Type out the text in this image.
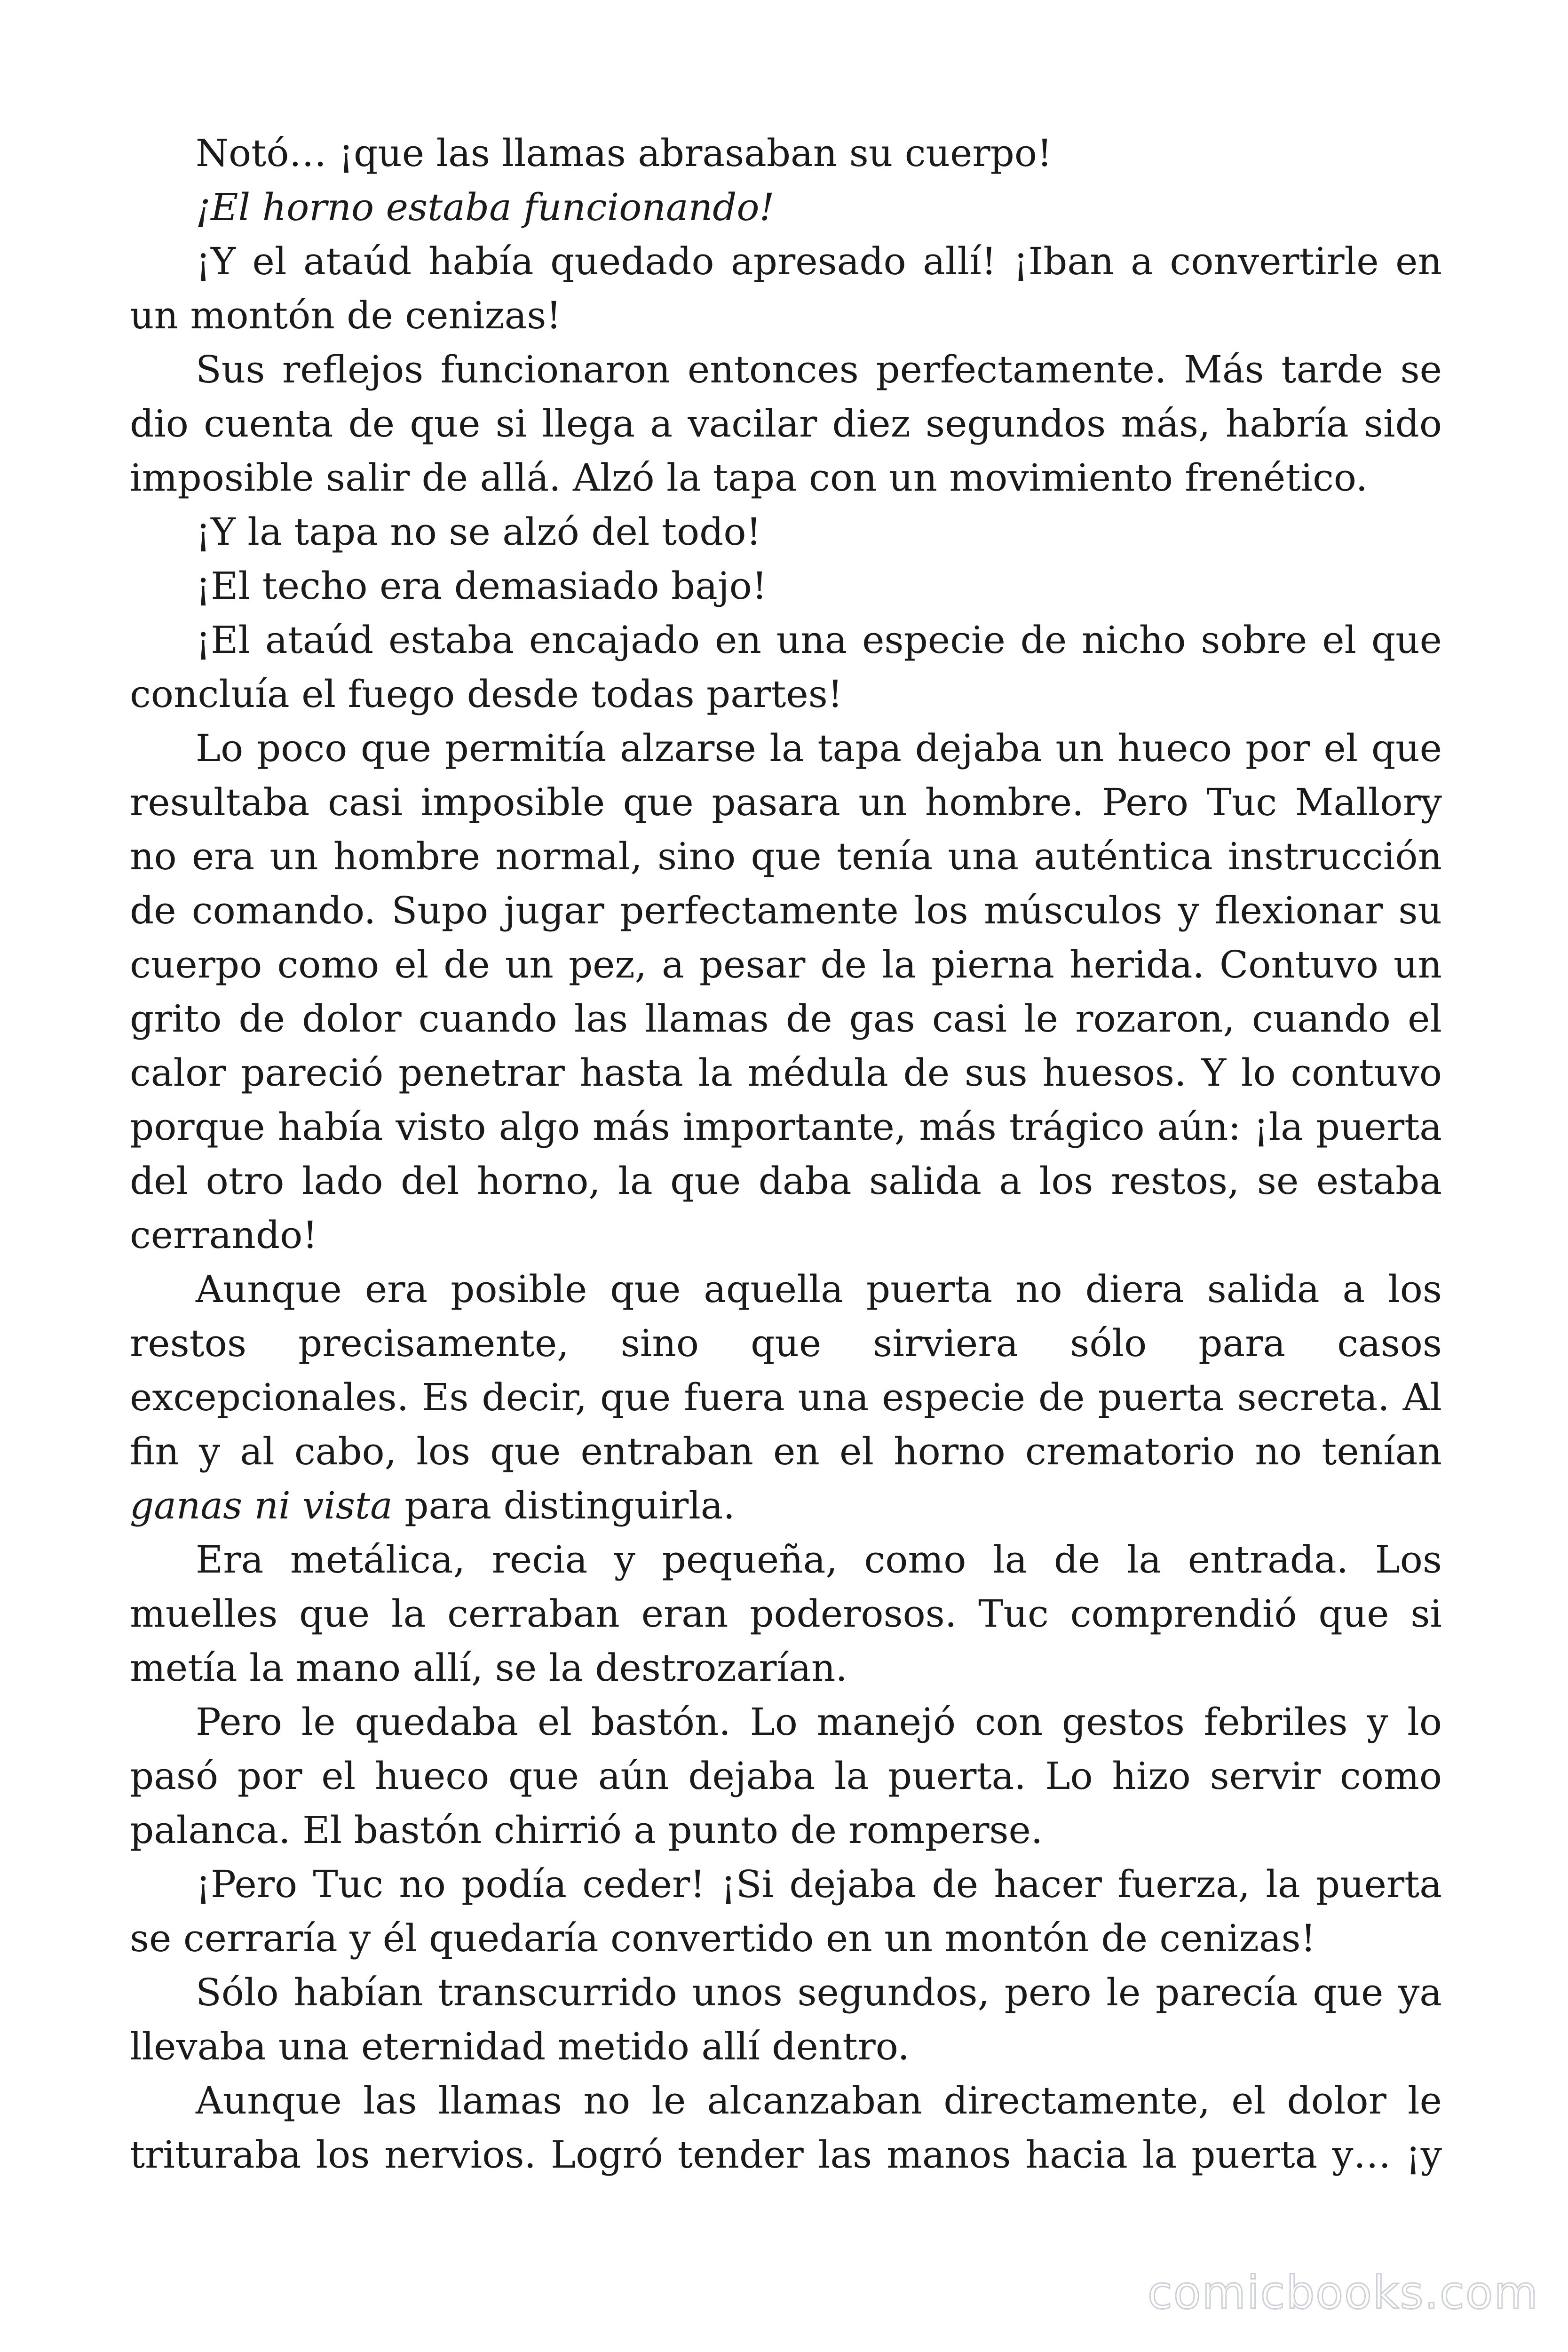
Notó… ¡que las llamas abrasaban su cuerpo!

¡El horno estaba funcionando!

¡Y el ataúd había quedado apresado allí! ¡Iban a convertirle en un montón de cenizas!

Sus reflejos funcionaron entonces perfectamente. Más tarde se dio cuenta de que si llega a vacilar diez segundos más, habría sido imposible salir de allá. Alzó la tapa con un movimiento frenético.

¡Y la tapa no se alzó del todo!

¡El techo era demasiado bajo!

¡El ataúd estaba encajado en una especie de nicho sobre el que concluía el fuego desde todas partes!

Lo poco que permitía alzarse la tapa dejaba un hueco por el que resultaba casi imposible que pasara un hombre. Pero Tuc Mallory no era un hombre normal, sino que tenía una auténtica instrucción de comando. Supo jugar perfectamente los músculos y flexionar su cuerpo como el de un pez, a pesar de la pierna herida. Contuvo un grito de dolor cuando las llamas de gas casi le rozaron, cuando el calor pareció penetrar hasta la médula de sus huesos. Y lo contuvo porque había visto algo más importante, más trágico aún: ¡la puerta del otro lado del horno, la que daba salida a los restos, se estaba cerrando!

Aunque era posible que aquella puerta no diera salida a los restos precisamente, sino que sirviera sólo para casos excepcionales. Es decir, que fuera una especie de puerta secreta. Al fin y al cabo, los que entraban en el horno crematorio no tenían ganas ni vista para distinguirla.

Era metálica, recia y pequeña, como la de la entrada. Los muelles que la cerraban eran poderosos. Tuc comprendió que si metía la mano allí, se la destrozarían.

Pero le quedaba el bastón. Lo manejó con gestos febriles y lo pasó por el hueco que aún dejaba la puerta. Lo hizo servir como palanca. El bastón chirrió a punto de romperse.

¡Pero Tuc no podía ceder! ¡Si dejaba de hacer fuerza, la puerta se cerraría y él quedaría convertido en un montón de cenizas!

Sólo habían transcurrido unos segundos, pero le parecía que ya llevaba una eternidad metido allí dentro.

Aunque las llamas no le alcanzaban directamente, el dolor le trituraba los nervios. Logró tender las manos hacia la puerta y… ¡y

comicbooks.com
